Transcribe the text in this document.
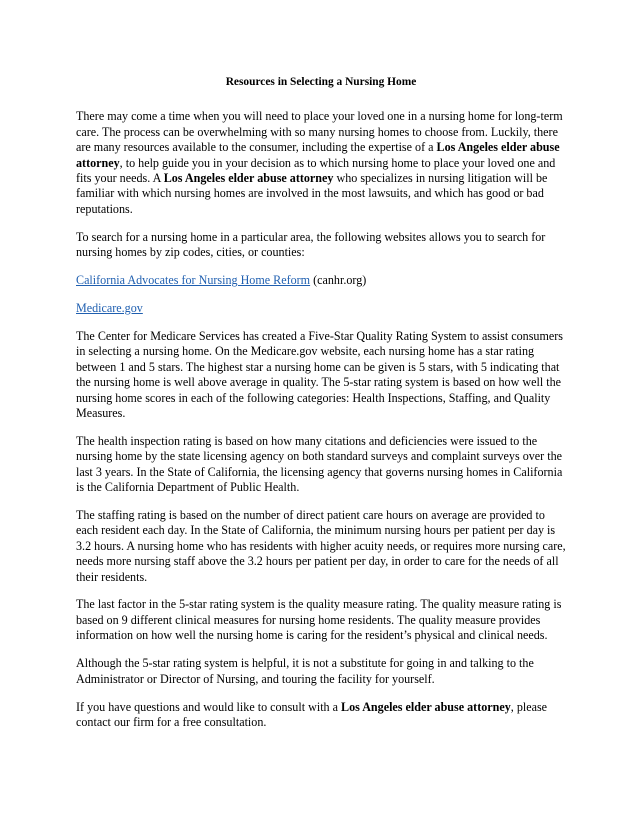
Resources in Selecting a Nursing Home

There may come a time when you will need to place your loved one in a nursing home for long-term care. The process can be overwhelming with so many nursing homes to choose from. Luckily, there are many resources available to the consumer, including the expertise of a Los Angeles elder abuse attorney, to help guide you in your decision as to which nursing home to place your loved one and fits your needs. A Los Angeles elder abuse attorney who specializes in nursing litigation will be familiar with which nursing homes are involved in the most lawsuits, and which has good or bad reputations.

To search for a nursing home in a particular area, the following websites allows you to search for nursing homes by zip codes, cities, or counties:

California Advocates for Nursing Home Reform (canhr.org)

Medicare.gov

The Center for Medicare Services has created a Five-Star Quality Rating System to assist consumers in selecting a nursing home. On the Medicare.gov website, each nursing home has a star rating between 1 and 5 stars. The highest star a nursing home can be given is 5 stars, with 5 indicating that the nursing home is well above average in quality. The 5-star rating system is based on how well the nursing home scores in each of the following categories: Health Inspections, Staffing, and Quality Measures.

The health inspection rating is based on how many citations and deficiencies were issued to the nursing home by the state licensing agency on both standard surveys and complaint surveys over the last 3 years. In the State of California, the licensing agency that governs nursing homes in California is the California Department of Public Health.

The staffing rating is based on the number of direct patient care hours on average are provided to each resident each day. In the State of California, the minimum nursing hours per patient per day is 3.2 hours. A nursing home who has residents with higher acuity needs, or requires more nursing care, needs more nursing staff above the 3.2 hours per patient per day, in order to care for the needs of all their residents.

The last factor in the 5-star rating system is the quality measure rating. The quality measure rating is based on 9 different clinical measures for nursing home residents. The quality measure provides information on how well the nursing home is caring for the resident’s physical and clinical needs.

Although the 5-star rating system is helpful, it is not a substitute for going in and talking to the Administrator or Director of Nursing, and touring the facility for yourself.

If you have questions and would like to consult with a Los Angeles elder abuse attorney, please contact our firm for a free consultation.
